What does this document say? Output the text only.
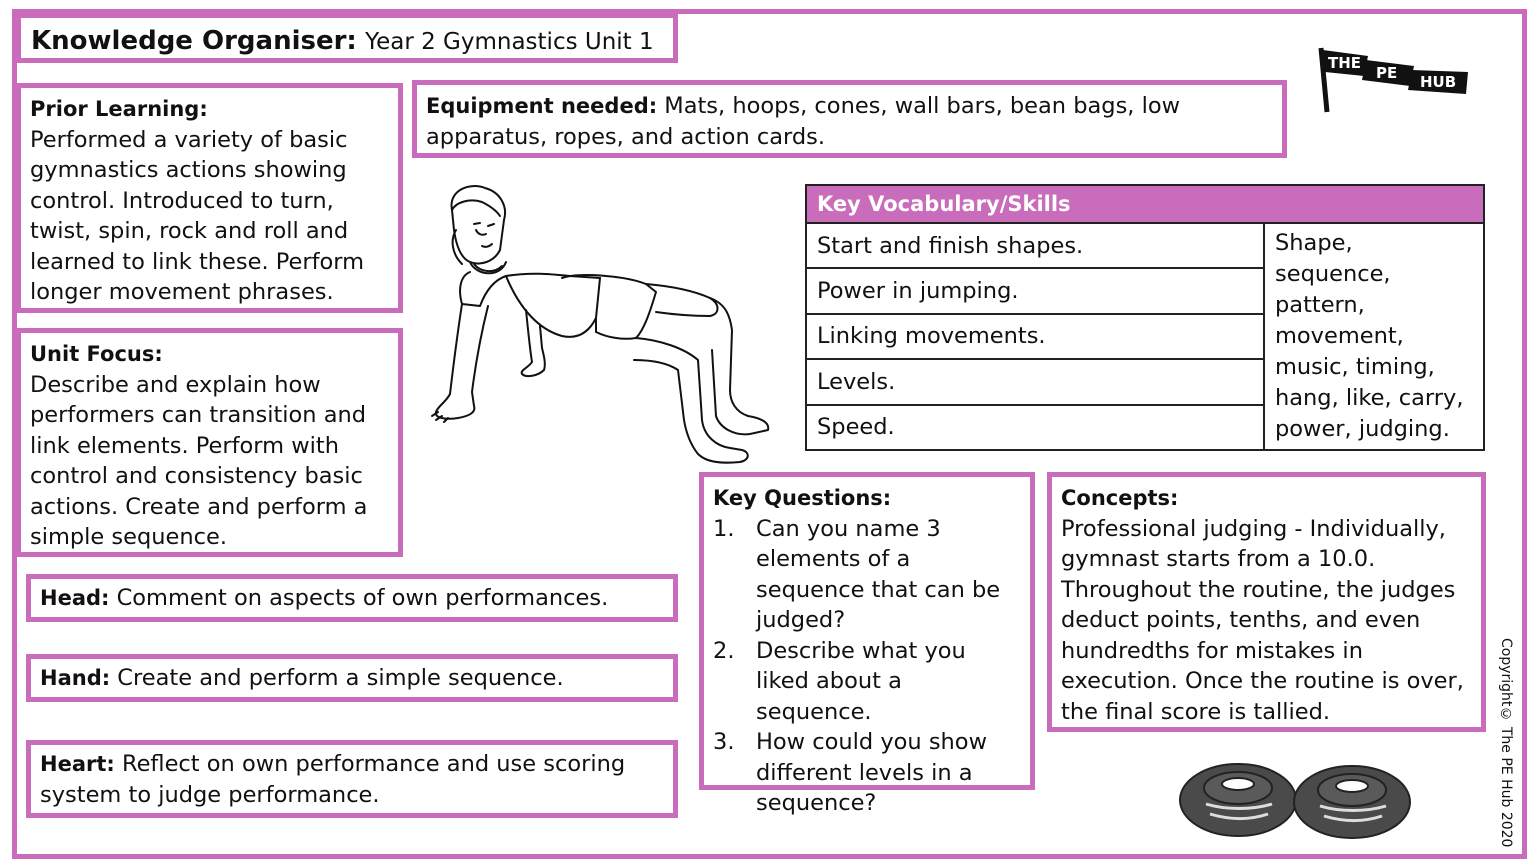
Knowledge Organiser: Year 2 Gymnastics Unit 1
THE
PE HUB
Prior Learning:
Performed a variety of basic gymnastics actions showing control. Introduced to turn, twist, spin, rock and roll and learned to link these. Perform longer movement phrases.
Equipment needed: Mats, hoops, cones, wall bars, bean bags, low apparatus, ropes, and action cards.
Unit Focus:
Describe and explain how performers can transition and link elements. Perform with control and consistency basic actions. Create and perform a simple sequence.
Key Vocabulary/Skills
Start and finish shapes.	Shape, sequence, pattern, movement, music, timing, hang, like, carry, power, judging.
Power in jumping.
Linking movements.
Levels.
Speed.
Head: Comment on aspects of own performances.
Hand: Create and perform a simple sequence.
Heart: Reflect on own performance and use scoring system to judge performance.
Key Questions:
1. Can you name 3 elements of a sequence that can be judged?
2. Describe what you liked about a sequence.
3. How could you show different levels in a sequence?
Concepts:
Professional judging - Individually, gymnast starts from a 10.0. Throughout the routine, the judges deduct points, tenths, and even hundredths for mistakes in execution. Once the routine is over, the final score is tallied.	Copyright© The PE Hub 2020
